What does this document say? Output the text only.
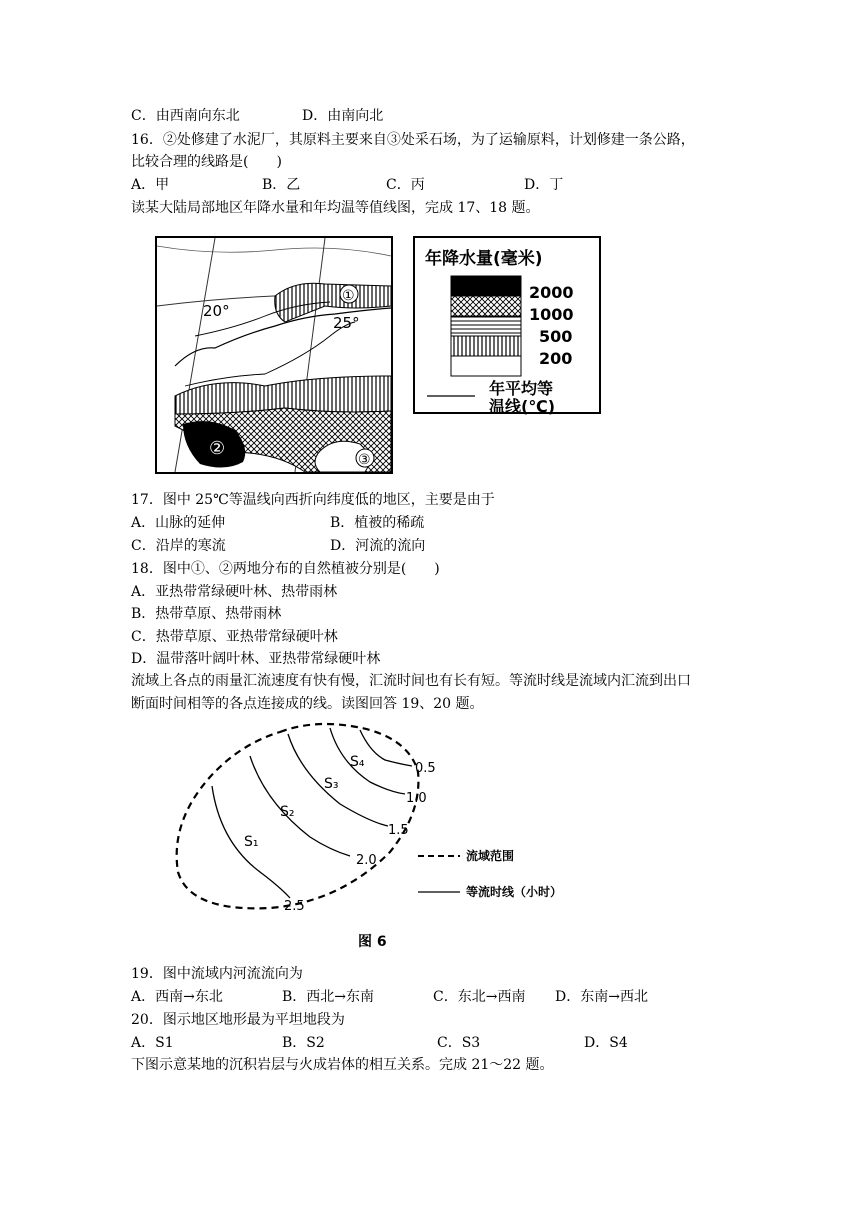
C．由西南向东北	D．由南向北
16．②处修建了水泥厂，其原料主要来自③处采石场，为了运输原料，计划修建一条公路，
比较合理的线路是(　　)
A．甲	B．乙	C．丙	D．丁
读某大陆局部地区年降水量和年均温等值线图，完成 17、18 题。
20°
25°
①
②
③
年降水量(毫米)
2000
1000
500
200
年平均等
温线(℃)
17．图中 25℃等温线向西折向纬度低的地区，主要是由于
A．山脉的延伸	B．植被的稀疏
C．沿岸的寒流	D．河流的流向
18．图中①、②两地分布的自然植被分别是(　　)
A．亚热带常绿硬叶林、热带雨林
B．热带草原、热带雨林
C．热带草原、亚热带常绿硬叶林
D．温带落叶阔叶林、亚热带常绿硬叶林
流域上各点的雨量汇流速度有快有慢，汇流时间也有长有短。等流时线是流域内汇流到出口
断面时间相等的各点连接成的线。读图回答 19、20 题。
0.5
1.0
1.5
2.0
2.5
S₄
S₃
S₂
S₁
流域范围
等流时线（小时）
图 6
19．图中流域内河流流向为
A．西南→东北	B．西北→东南	C．东北→西南 D．东南→西北
20．图示地区地形最为平坦地段为
A．S1	B．S2	C．S3	D．S4
下图示意某地的沉积岩层与火成岩体的相互关系。完成 21～22 题。
